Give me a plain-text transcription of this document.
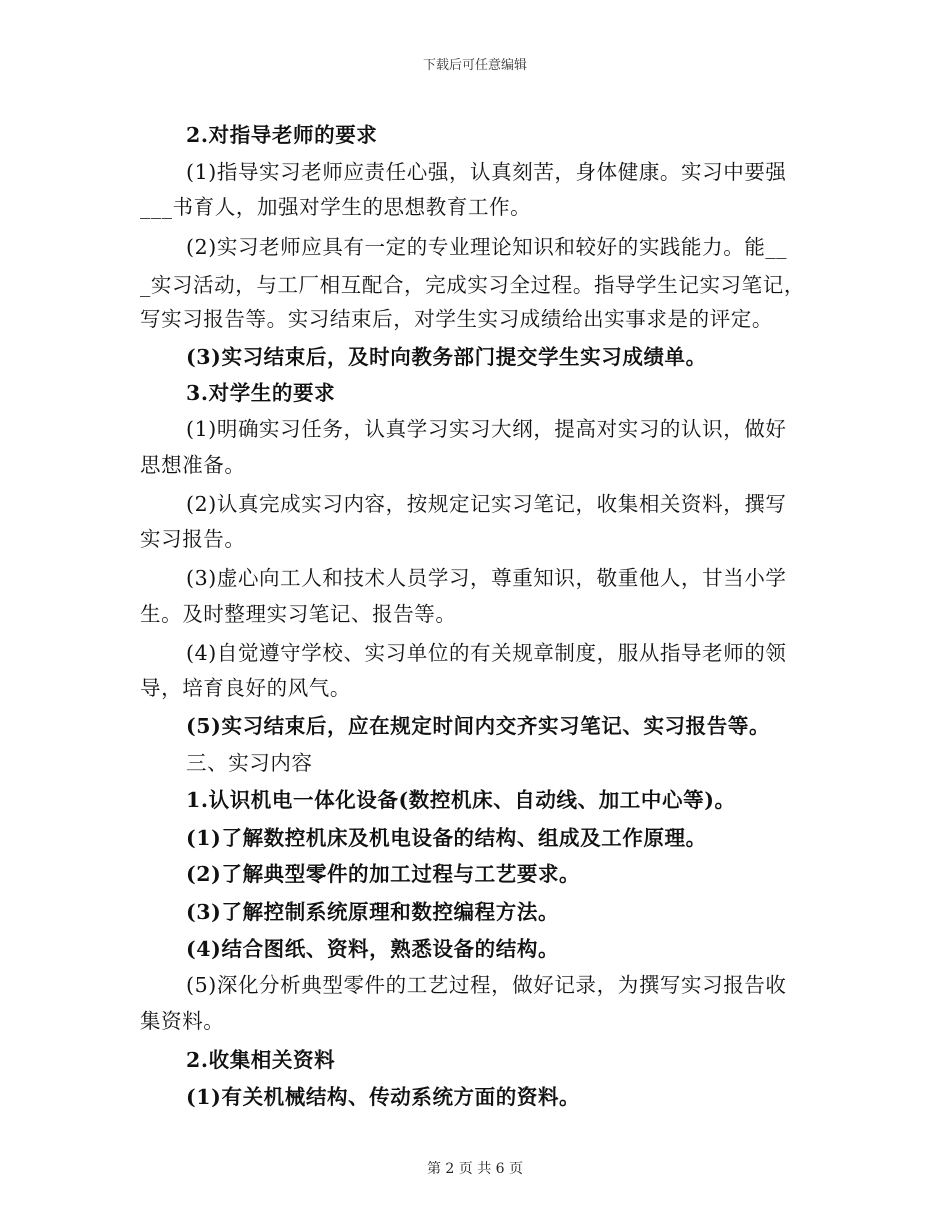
下载后可任意编辑
2.对指导老师的要求
(1)指导实习老师应责任心强，认真刻苦，身体健康。实习中要强
___书育人，加强对学生的思想教育工作。
(2)实习老师应具有一定的专业理论知识和较好的实践能力。能__
_实习活动，与工厂相互配合，完成实习全过程。指导学生记实习笔记，
写实习报告等。实习结束后，对学生实习成绩给出实事求是的评定。
(3)实习结束后，及时向教务部门提交学生实习成绩单。
3.对学生的要求
(1)明确实习任务，认真学习实习大纲，提高对实习的认识，做好
思想准备。
(2)认真完成实习内容，按规定记实习笔记，收集相关资料，撰写
实习报告。
(3)虚心向工人和技术人员学习，尊重知识，敬重他人，甘当小学
生。及时整理实习笔记、报告等。
(4)自觉遵守学校、实习单位的有关规章制度，服从指导老师的领
导，培育良好的风气。
(5)实习结束后，应在规定时间内交齐实习笔记、实习报告等。
三、实习内容
1.认识机电一体化设备(数控机床、自动线、加工中心等)。
(1)了解数控机床及机电设备的结构、组成及工作原理。
(2)了解典型零件的加工过程与工艺要求。
(3)了解控制系统原理和数控编程方法。
(4)结合图纸、资料，熟悉设备的结构。
(5)深化分析典型零件的工艺过程，做好记录，为撰写实习报告收
集资料。
2.收集相关资料
(1)有关机械结构、传动系统方面的资料。
第 2 页 共 6 页
